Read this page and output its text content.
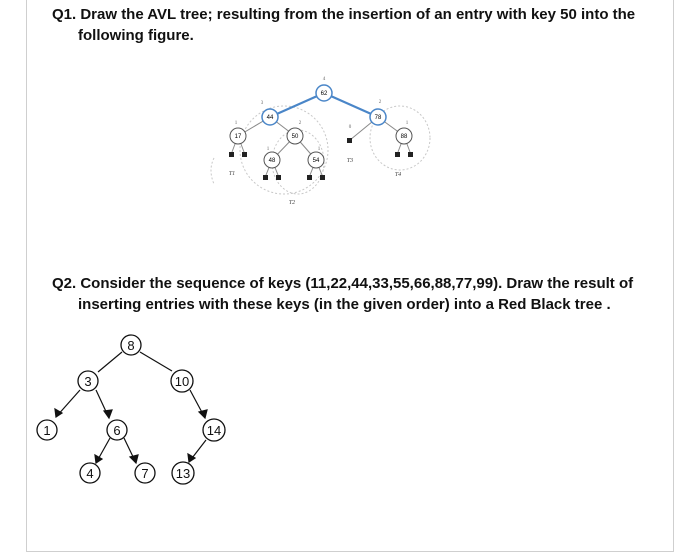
Q1. Draw the AVL tree; resulting from the insertion of an entry with key 50 into the
following figure.
Q2. Consider the sequence of keys (11,22,44,33,55,66,88,77,99). Draw the result of
inserting entries with these keys (in the given order) into a Red Black tree .
62
44	78
17	50	88
48	54
4
3	2
1	2	1
1	1
0
T1
T2
T3
T4
8
3	10
1	6	14
4	7 13
